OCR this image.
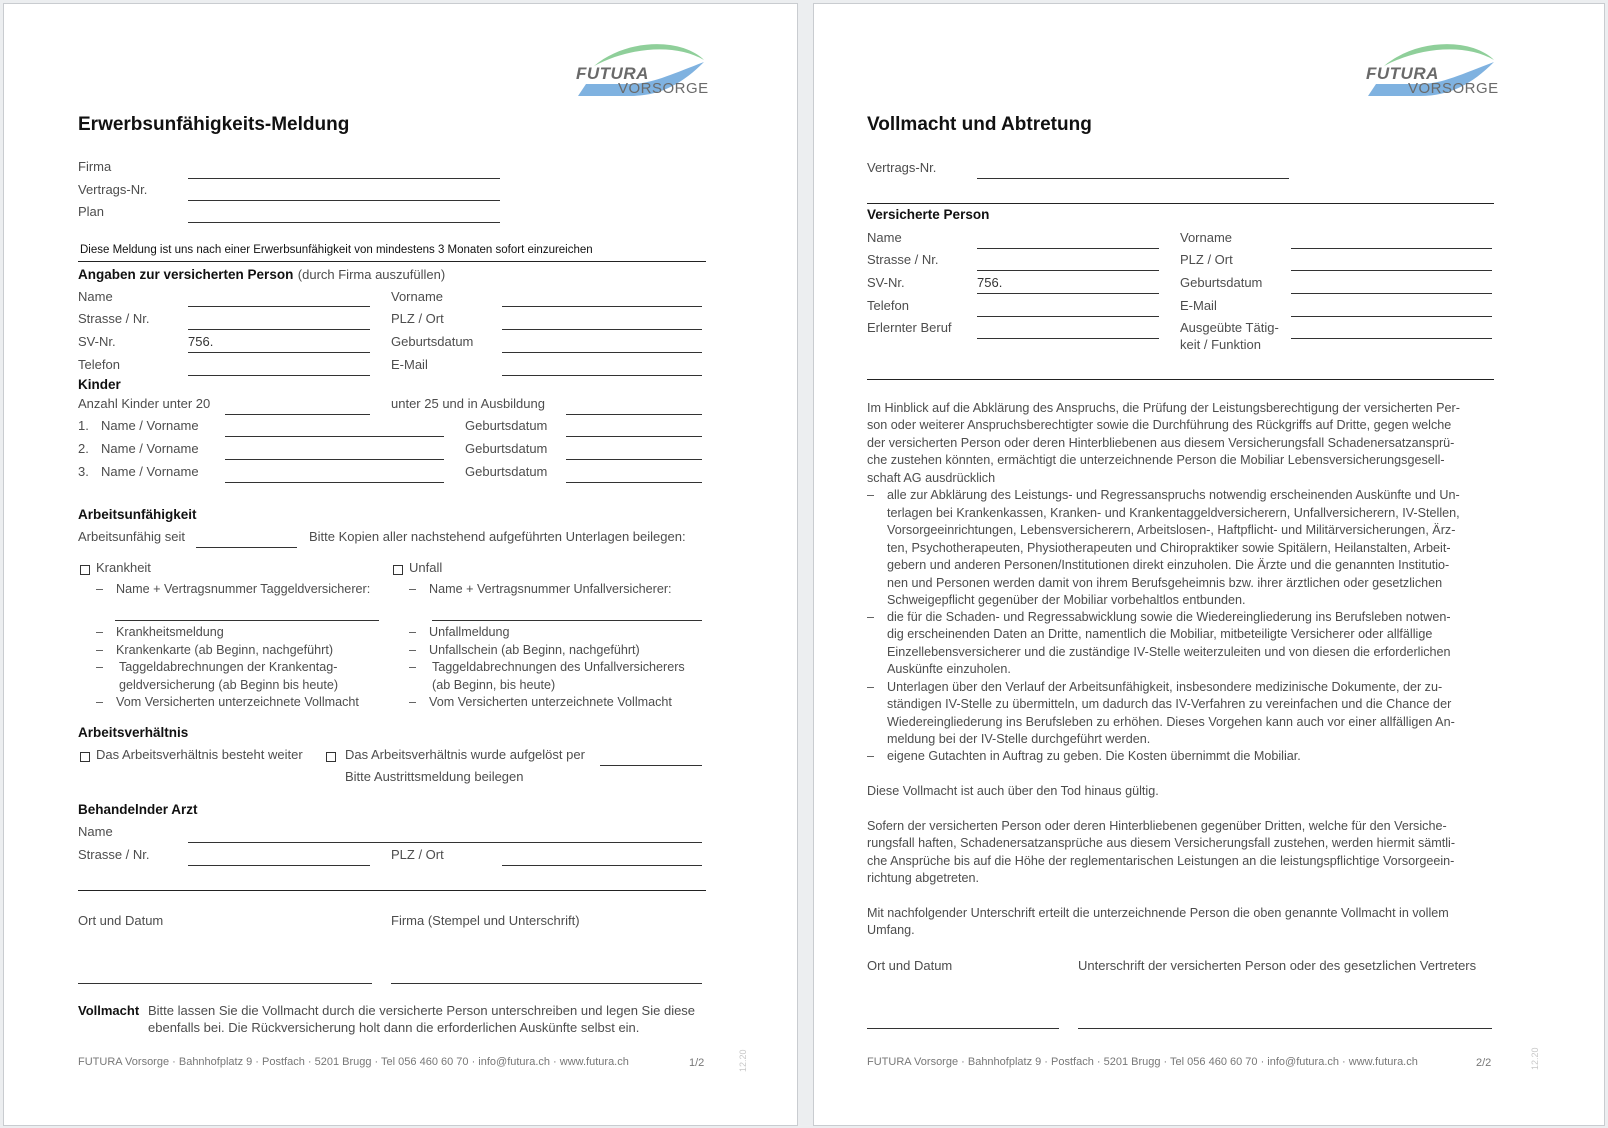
FUTURA
VORSORGE
Erwerbsunfähigkeits-Meldung
Firma
Vertrags-Nr.
Plan
Diese Meldung ist uns nach einer Erwerbsunfähigkeit von mindestens 3 Monaten sofort einzureichen
Angaben zur versicherten Person (durch Firma auszufüllen)
Name	Vorname
Strasse / Nr.	PLZ / Ort
SV-Nr.	756.	Geburtsdatum
Telefon	E-Mail
Kinder
Anzahl Kinder unter 20	unter 25 und in Ausbildung
1. Name / Vorname	Geburtsdatum
2. Name / Vorname	Geburtsdatum
3. Name / Vorname	Geburtsdatum
Arbeitsunfähigkeit
Arbeitsunfähig seit	Bitte Kopien aller nachstehend aufgeführten Unterlagen beilegen:
Krankheit	Unfall
– Name + Vertragsnummer Taggeldversicherer:	– Name + Vertragsnummer Unfallversicherer:
– Krankheitsmeldung
– Krankenkarte (ab Beginn, nachgeführt)
– Taggeldabrechnungen der Krankentag-
geldversicherung (ab Beginn bis heute)
– Vom Versicherten unterzeichnete Vollmacht
– Unfallmeldung
– Unfallschein (ab Beginn, nachgeführt)
– Taggeldabrechnungen des Unfallversicherers
(ab Beginn, bis heute)
– Vom Versicherten unterzeichnete Vollmacht
Arbeitsverhältnis
Das Arbeitsverhältnis besteht weiter	Das Arbeitsverhältnis wurde aufgelöst per
Bitte Austrittsmeldung beilegen
Behandelnder Arzt
Name
Strasse / Nr.	PLZ / Ort
Ort und Datum	Firma (Stempel und Unterschrift)
Vollmacht Bitte lassen Sie die Vollmacht durch die versicherte Person unterschreiben und legen Sie diese
ebenfalls bei. Die Rückversicherung holt dann die erforderlichen Auskünfte selbst ein.
FUTURA Vorsorge · Bahnhofplatz 9 · Postfach · 5201 Brugg · Tel 056 460 60 70 · info@futura.ch · www.futura.ch	1/2	12.20
FUTURA
VORSORGE
Vollmacht und Abtretung
Vertrags-Nr.
Versicherte Person
Name	Vorname
Strasse / Nr.	PLZ / Ort
SV-Nr.	756.	Geburtsdatum
Telefon	E-Mail
Erlernter Beruf	Ausgeübte Tätig-
keit / Funktion
Im Hinblick auf die Abklärung des Anspruchs, die Prüfung der Leistungsberechtigung der versicherten Per-
son oder weiterer Anspruchsberechtigter sowie die Durchführung des Rückgriffs auf Dritte, gegen welche
der versicherten Person oder deren Hinterbliebenen aus diesem Versicherungsfall Schadenersatzansprü-
che zustehen könnten, ermächtigt die unterzeichnende Person die Mobiliar Lebensversicherungsgesell-
schaft AG ausdrücklich
– alle zur Abklärung des Leistungs- und Regressanspruchs notwendig erscheinenden Auskünfte und Un-
terlagen bei Krankenkassen, Kranken- und Krankentaggeldversicherern, Unfallversicherern, IV-Stellen,
Vorsorgeeinrichtungen, Lebensversicherern, Arbeitslosen-, Haftpflicht- und Militärversicherungen, Ärz-
ten, Psychotherapeuten, Physiotherapeuten und Chiropraktiker sowie Spitälern, Heilanstalten, Arbeit-
gebern und anderen Personen/Institutionen direkt einzuholen. Die Ärzte und die genannten Institutio-
nen und Personen werden damit von ihrem Berufsgeheimnis bzw. ihrer ärztlichen oder gesetzlichen
Schweigepflicht gegenüber der Mobiliar vorbehaltlos entbunden.
– die für die Schaden- und Regressabwicklung sowie die Wiedereingliederung ins Berufsleben notwen-
dig erscheinenden Daten an Dritte, namentlich die Mobiliar, mitbeteiligte Versicherer oder allfällige
Einzellebensversicherer und die zuständige IV-Stelle weiterzuleiten und von diesen die erforderlichen
Auskünfte einzuholen.
– Unterlagen über den Verlauf der Arbeitsunfähigkeit, insbesondere medizinische Dokumente, der zu-
ständigen IV-Stelle zu übermitteln, um dadurch das IV-Verfahren zu vereinfachen und die Chance der
Wiedereingliederung ins Berufsleben zu erhöhen. Dieses Vorgehen kann auch vor einer allfälligen An-
meldung bei der IV-Stelle durchgeführt werden.
– eigene Gutachten in Auftrag zu geben. Die Kosten übernimmt die Mobiliar.
Diese Vollmacht ist auch über den Tod hinaus gültig.
Sofern der versicherten Person oder deren Hinterbliebenen gegenüber Dritten, welche für den Versiche-
rungsfall haften, Schadenersatzansprüche aus diesem Versicherungsfall zustehen, werden hiermit sämtli-
che Ansprüche bis auf die Höhe der reglementarischen Leistungen an die leistungspflichtige Vorsorgeein-
richtung abgetreten.
Mit nachfolgender Unterschrift erteilt die unterzeichnende Person die oben genannte Vollmacht in vollem
Umfang.
Ort und Datum	Unterschrift der versicherten Person oder des gesetzlichen Vertreters
FUTURA Vorsorge · Bahnhofplatz 9 · Postfach · 5201 Brugg · Tel 056 460 60 70 · info@futura.ch · www.futura.ch	2/2	12.20
